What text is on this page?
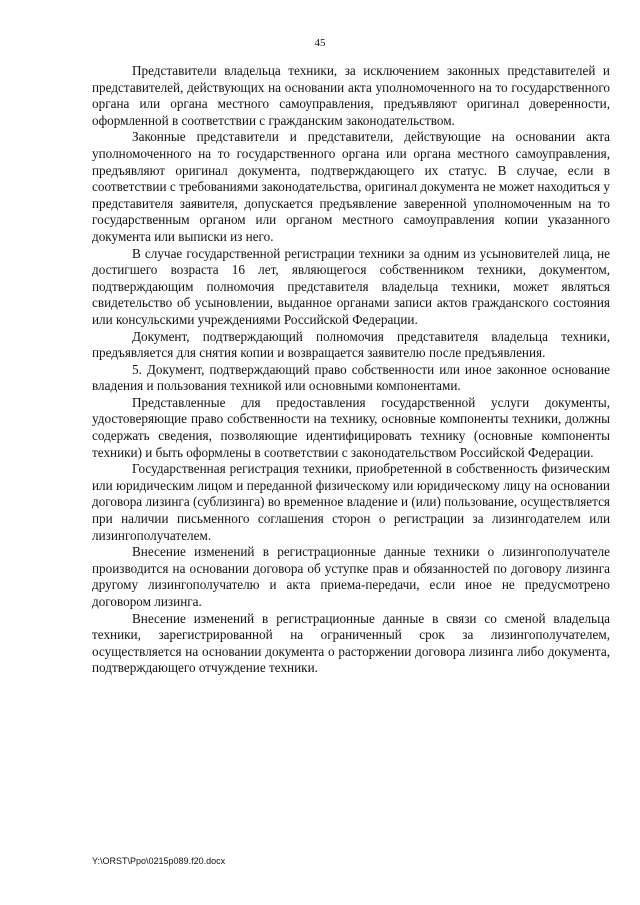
45

Представители владельца техники, за исключением законных представителей и представителей, действующих на основании акта уполномоченного на то государственного органа или органа местного самоуправления, предъявляют оригинал доверенности, оформленной в соответствии с гражданским законодательством.

Законные представители и представители, действующие на основании акта уполномоченного на то государственного органа или органа местного самоуправления, предъявляют оригинал документа, подтверждающего их статус. В случае, если в соответствии с требованиями законодательства, оригинал документа не может находиться у представителя заявителя, допускается предъявление заверенной уполномоченным на то государственным органом или органом местного самоуправления копии указанного документа или выписки из него.

В случае государственной регистрации техники за одним из усыновителей лица, не достигшего возраста 16 лет, являющегося собственником техники, документом, подтверждающим полномочия представителя владельца техники, может являться свидетельство об усыновлении, выданное органами записи актов гражданского состояния или консульскими учреждениями Российской Федерации.

Документ, подтверждающий полномочия представителя владельца техники, предъявляется для снятия копии и возвращается заявителю после предъявления.

5. Документ, подтверждающий право собственности или иное законное основание владения и пользования техникой или основными компонентами.

Представленные для предоставления государственной услуги документы, удостоверяющие право собственности на технику, основные компоненты техники, должны содержать сведения, позволяющие идентифицировать технику (основные компоненты техники) и быть оформлены в соответствии с законодательством Российской Федерации.

Государственная регистрация техники, приобретенной в собственность физическим или юридическим лицом и переданной физическому или юридическому лицу на основании договора лизинга (сублизинга) во временное владение и (или) пользование, осуществляется при наличии письменного соглашения сторон о регистрации за лизингодателем или лизингополучателем.

Внесение изменений в регистрационные данные техники о лизингополучателе производится на основании договора об уступке прав и обязанностей по договору лизинга другому лизингополучателю и акта приема-передачи, если иное не предусмотрено договором лизинга.

Внесение изменений в регистрационные данные в связи со сменой владельца техники, зарегистрированной на ограниченный срок за лизингополучателем, осуществляется на основании документа о расторжении договора лизинга либо документа, подтверждающего отчуждение техники.

Y:\ORST\Ppo\0215p089.f20.docx
